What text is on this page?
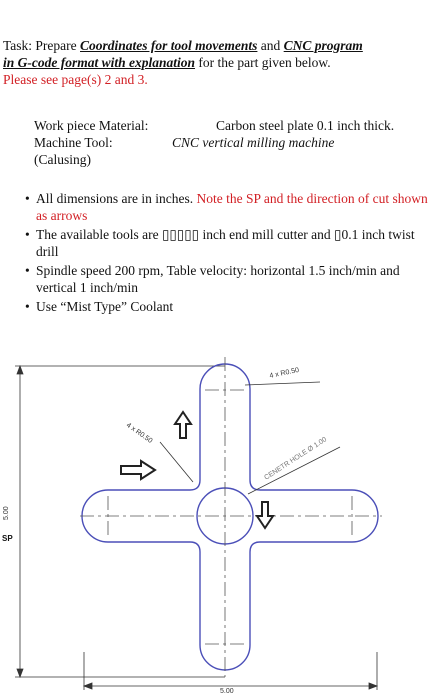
Task: Prepare Coordinates for tool movements and CNC program
in G-code format with explanation for the part given below.
Please see page(s) 2 and 3.
Work piece Material:	Carbon steel plate 0.1 inch thick.
Machine Tool:	CNC vertical milling machine
(Calusing)
• All dimensions are in inches. Note the SP and the direction of cut shown as arrows
• The available tools are ▯▯▯▯▯ inch end mill cutter and ▯0.1 inch twist drill
• Spindle speed 200 rpm, Table velocity: horizontal 1.5 inch/min and vertical 1 inch/min
• Use “Mist Type” Coolant
4 x R0.50
4 x R0.50
CENETR HOLE Ø 1.00
5.00
5.00
SP
